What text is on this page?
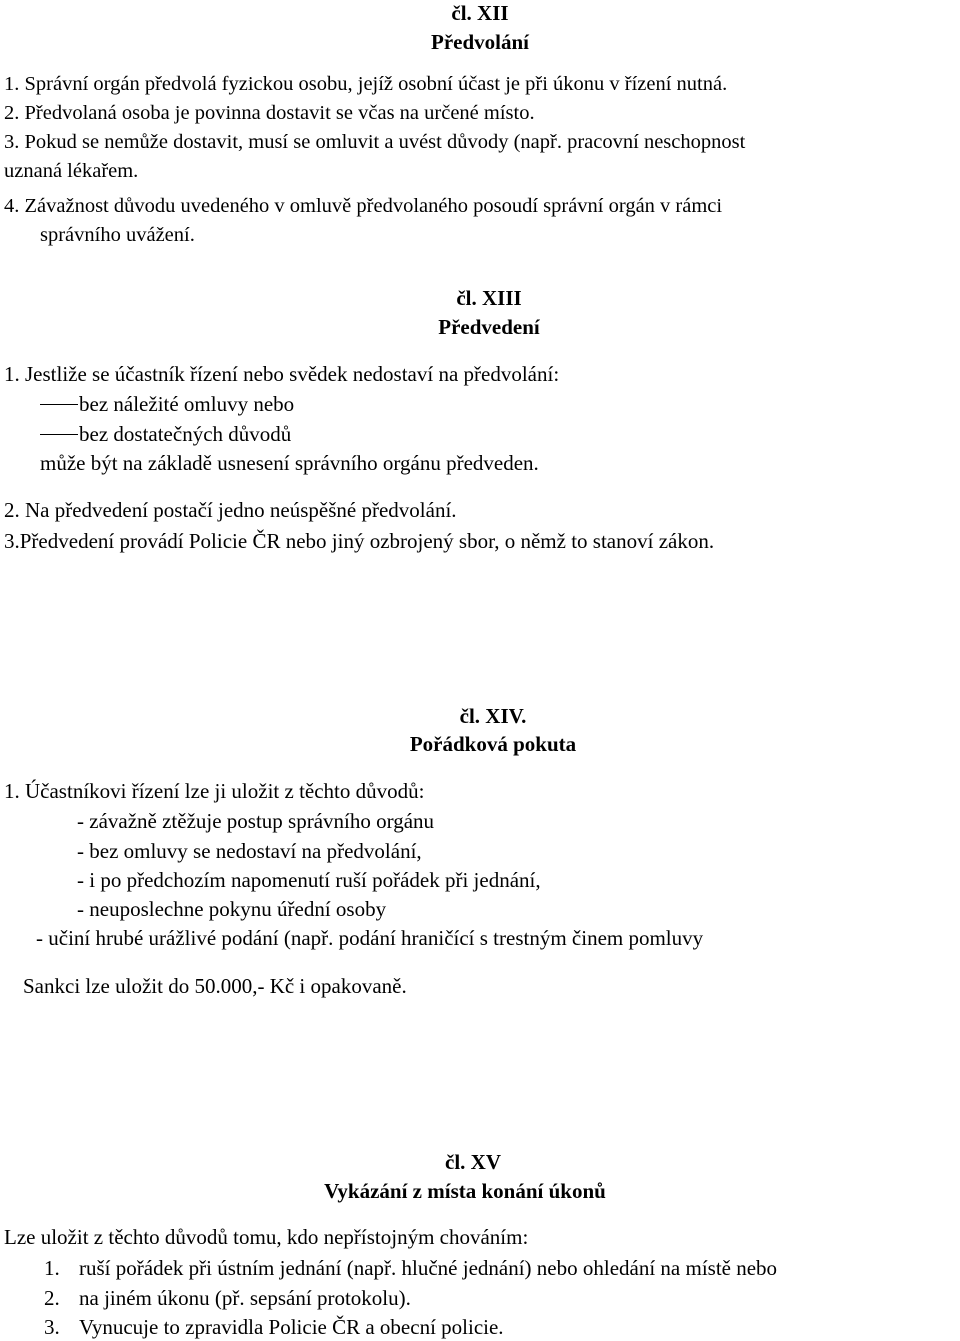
čl. XII
Předvolání
1. Správní orgán předvolá fyzickou osobu, jejíž osobní účast je při úkonu v řízení nutná.
2. Předvolaná osoba je povinna dostavit se včas na určené místo.
3. Pokud se nemůže dostavit, musí se omluvit a uvést důvody (např. pracovní neschopnost
uznaná lékařem.
4. Závažnost důvodu uvedeného v omluvě předvolaného posoudí správní orgán v rámci
správního uvážení.
čl. XIII
Předvedení
1. Jestliže se účastník řízení nebo svědek nedostaví na předvolání:
bez náležité omluvy nebo
bez dostatečných důvodů
může být na základě usnesení správního orgánu předveden.
2. Na předvedení postačí jedno neúspěšné předvolání.
3.Předvedení provádí Policie ČR nebo jiný ozbrojený sbor, o němž to stanoví zákon.
čl. XIV.
Pořádková pokuta
1. Účastníkovi řízení lze ji uložit z těchto důvodů:
- závažně ztěžuje postup správního orgánu
- bez omluvy se nedostaví na předvolání,
- i po předchozím napomenutí ruší pořádek při jednání,
- neuposlechne pokynu úřední osoby
- učiní hrubé urážlivé podání (např. podání hraničící s trestným činem pomluvy
Sankci lze uložit do 50.000,- Kč i opakovaně.
čl. XV
Vykázání z místa konání úkonů
Lze uložit z těchto důvodů tomu, kdo nepřístojným chováním:
1. ruší pořádek při ústním jednání (např. hlučné jednání) nebo ohledání na místě nebo
2. na jiném úkonu (př. sepsání protokolu).
3. Vynucuje to zpravidla Policie ČR a obecní policie.
